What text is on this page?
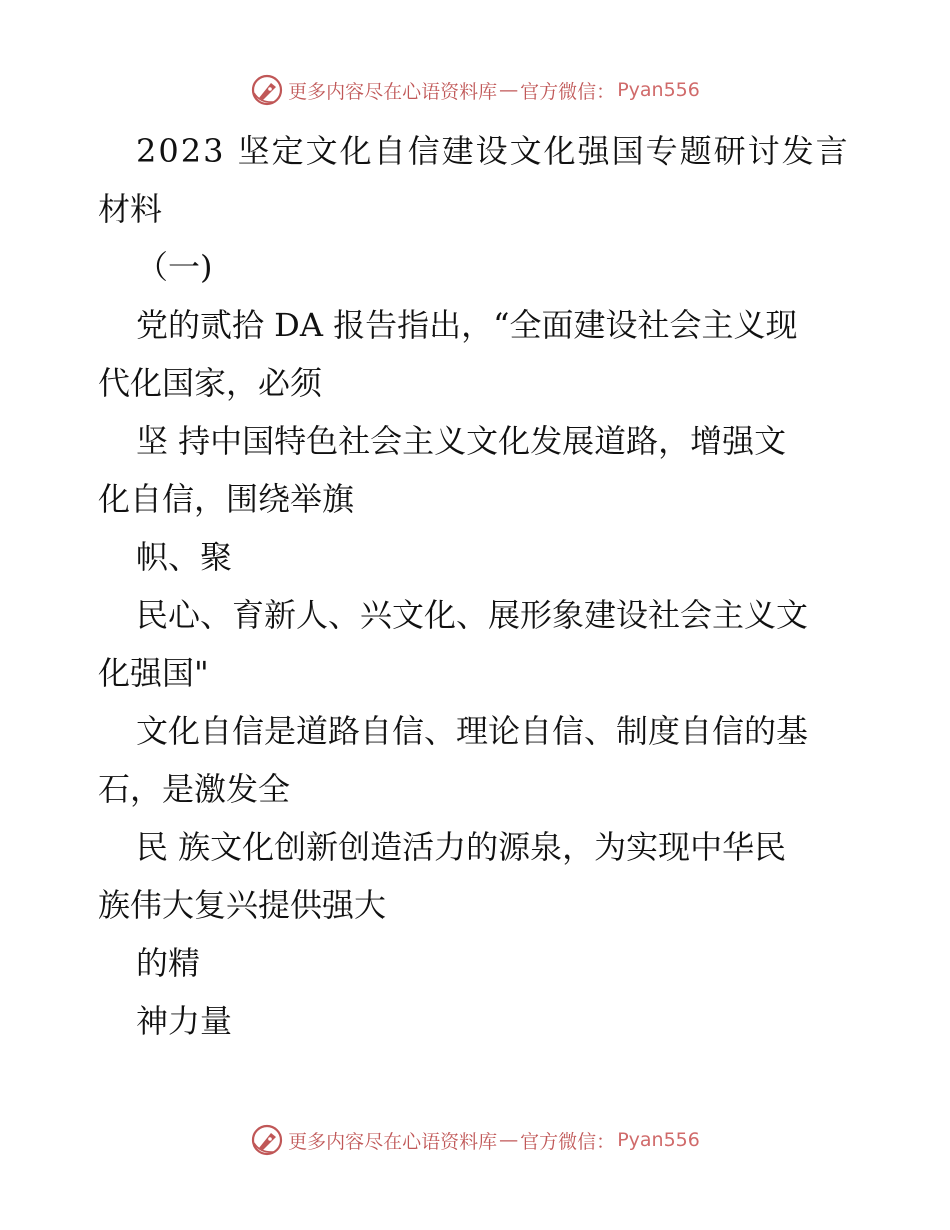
更多内容尽在心语资料库 — 官方微信： Pyan556
2023 坚定文化自信建设文化强国专题研讨发言
材料
（一)
党的贰拾 DA 报告指出，“全面建设社会主义现
代化国家，必须
坚 持中国特色社会主义文化发展道路，增强文
化自信，围绕举旗
帜、聚
民心、育新人、兴文化、展形象建设社会主义文
化强国"
文化自信是道路自信、理论自信、制度自信的基
石，是激发全
民 族文化创新创造活力的源泉，为实现中华民
族伟大复兴提供强大
的精
神力量
更多内容尽在心语资料库 — 官方微信： Pyan556
